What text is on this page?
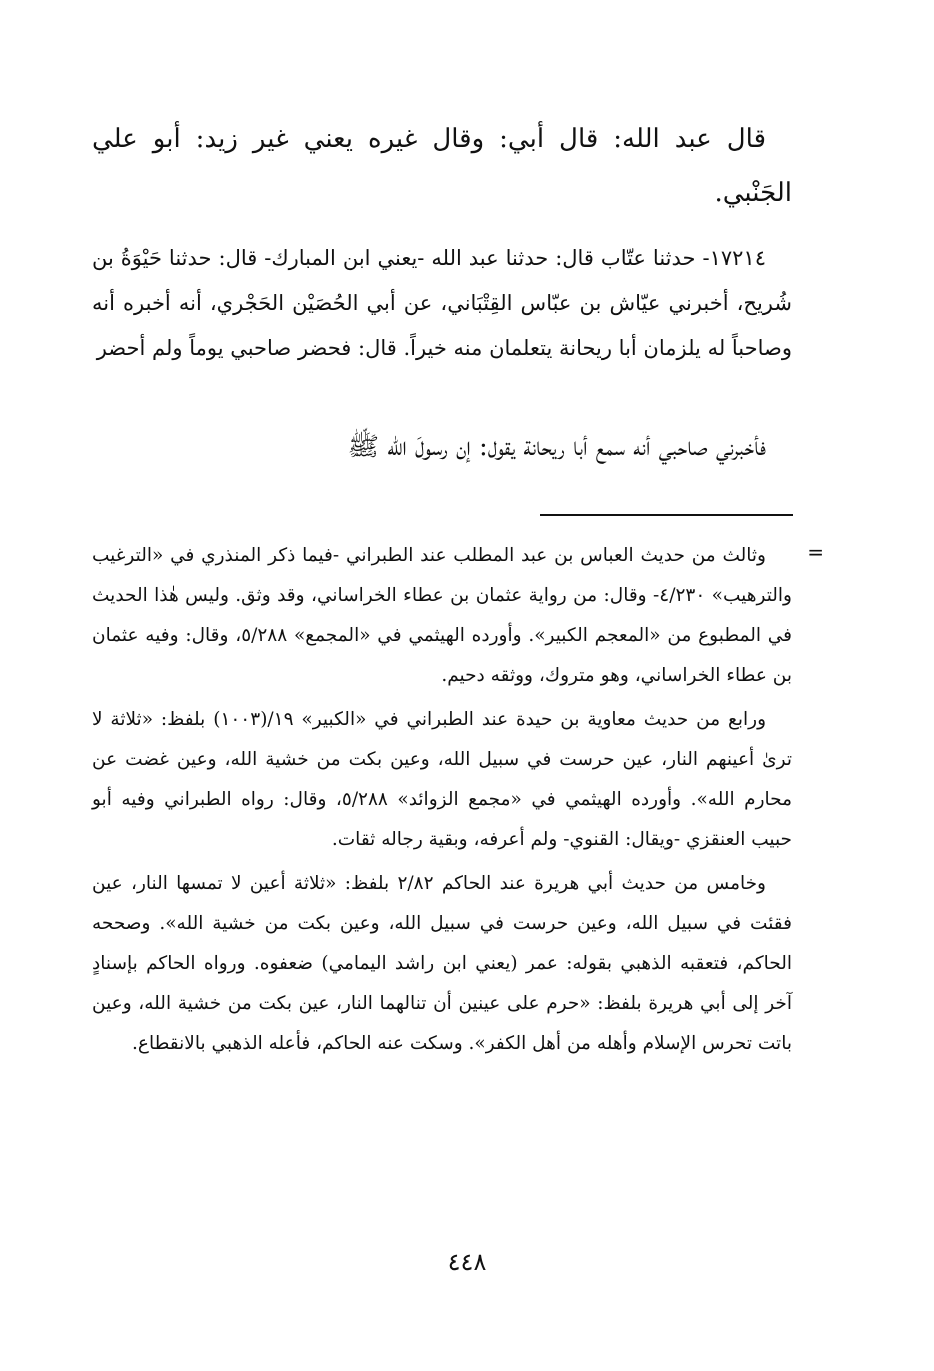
قال عبد الله: قال أبي: وقال غيره يعني غير زيد: أبو علي الجَنْبي.

١٧٢١٤- حدثنا عتّاب قال: حدثنا عبد الله -يعني ابن المبارك- قال: حدثنا حَيْوَةُ بن شُريح، أخبرني عيّاش بن عبّاس القِتْبَاني، عن أبي الحُصَيْن الحَجْري، أنه أخبره أنه وصاحباً له يلزمان أبا ريحانة يتعلمان منه خيراً. قال: فحضر صاحبي يوماً ولم أحضر

فأخبرني صاحبي أنه سمع أبا ريحانة يقول: إن رسولَ الله ﷺ

=

وثالث من حديث العباس بن عبد المطلب عند الطبراني -فيما ذكر المنذري في «الترغيب والترهيب» ٤/٢٣٠- وقال: من رواية عثمان بن عطاء الخراساني، وقد وثق. وليس هٰذا الحديث في المطبوع من «المعجم الكبير». وأورده الهيثمي في «المجمع» ٥/٢٨٨، وقال: وفيه عثمان بن عطاء الخراساني، وهو متروك، ووثقه دحيم.

ورابع من حديث معاوية بن حيدة عند الطبراني في «الكبير» ١٩/(١٠٠٣) بلفظ: «ثلاثة لا ترىٰ أعينهم النار، عين حرست في سبيل الله، وعين بكت من خشية الله، وعين غضت عن محارم الله». وأورده الهيثمي في «مجمع الزوائد» ٥/٢٨٨، وقال: رواه الطبراني وفيه أبو حبيب العنقزي -ويقال: القنوي- ولم أعرفه، وبقية رجاله ثقات.

وخامس من حديث أبي هريرة عند الحاكم ٢/٨٢ بلفظ: «ثلاثة أعين لا تمسها النار، عين فقئت في سبيل الله، وعين حرست في سبيل الله، وعين بكت من خشية الله». وصححه الحاكم، فتعقبه الذهبي بقوله: عمر (يعني ابن راشد اليمامي) ضعفوه. ورواه الحاكم بإسنادٍ آخر إلى أبي هريرة بلفظ: «حرم على عينين أن تنالهما النار، عين بكت من خشية الله، وعين باتت تحرس الإسلام وأهله من أهل الكفر». وسكت عنه الحاكم، فأعله الذهبي بالانقطاع.

٤٤٨
